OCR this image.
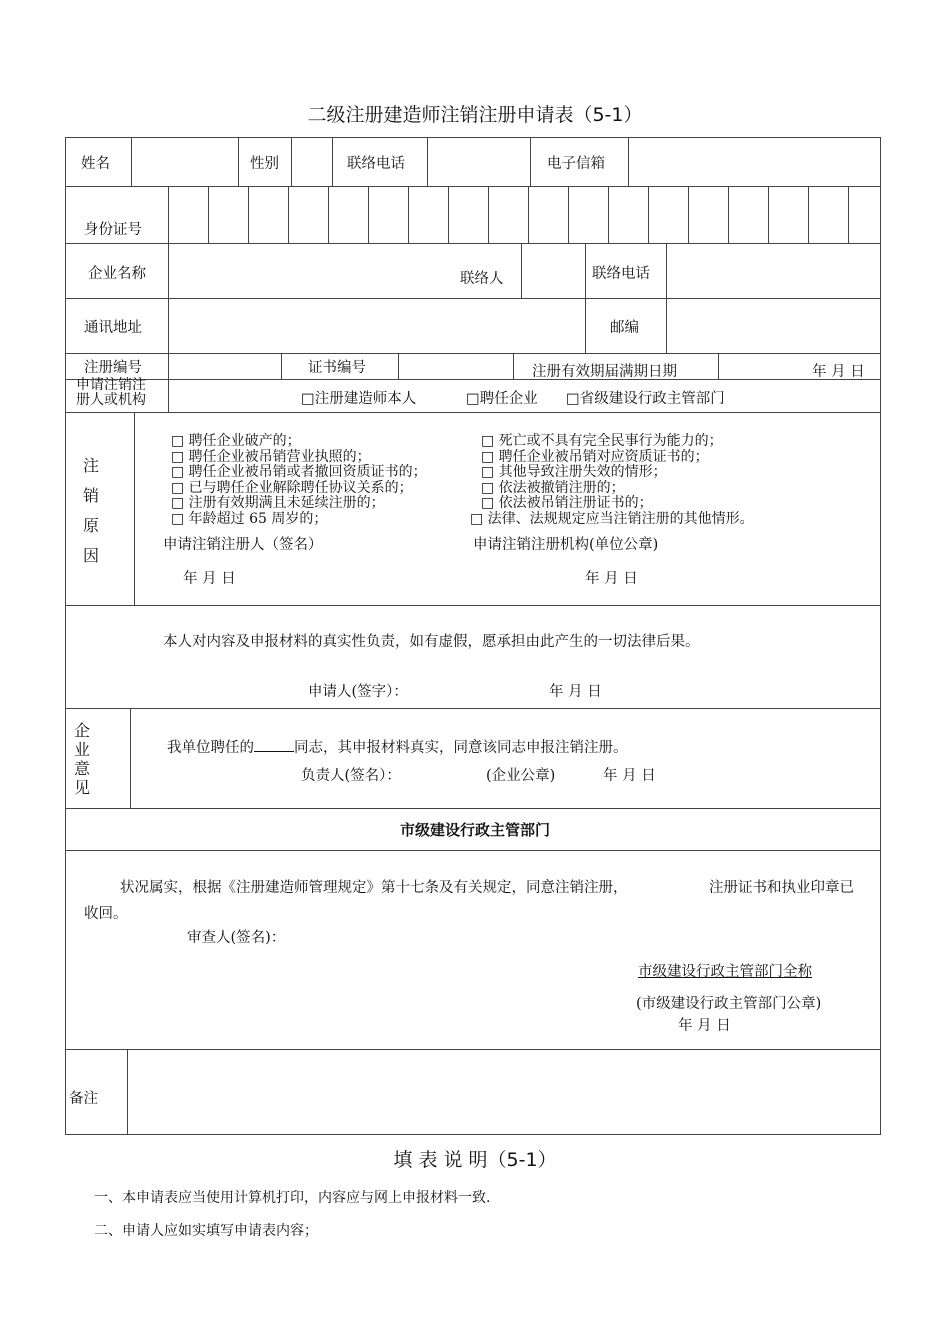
二级注册建造师注销注册申请表（5-1）
姓名	性别	联络电话	电子信箱
身份证号
企业名称	联络人	联络电话
通讯地址	邮编
注册编号	证书编号	注册有效期届满期日期	年 月 日
申请注销注
册人或机构	□注册建造师本人	□聘任企业 □省级建设行政主管部门
注
销
原
因
□ 聘任企业破产的；
□ 聘任企业被吊销营业执照的；
□ 聘任企业被吊销或者撤回资质证书的；
□ 已与聘任企业解除聘任协议关系的；
□ 注册有效期满且未延续注册的；
□ 年龄超过 65 周岁的；
□ 死亡或不具有完全民事行为能力的；
□ 聘任企业被吊销对应资质证书的；
□ 其他导致注册失效的情形；
□ 依法被撤销注册的；
□ 依法被吊销注册证书的；
□ 法律、法规规定应当注销注册的其他情形。
申请注销注册人（签名）	申请注销注册机构(单位公章)
年 月 日	年 月 日
本人对内容及申报材料的真实性负责，如有虚假，愿承担由此产生的一切法律后果。
申请人(签字）：	年 月 日
企
业
意
见
我单位聘任的	同志，其申报材料真实，同意该同志申报注销注册。
负责人(签名）：	(企业公章)	年 月 日
市级建设行政主管部门
状况属实，根据《注册建造师管理规定》第十七条及有关规定，同意注销注册，	注册证书和执业印章已
收回。
审查人(签名)：
市级建设行政主管部门全称
(市级建设行政主管部门公章)
年 月 日
备注
填 表 说 明（5-1）
一、本申请表应当使用计算机打印，内容应与网上申报材料一致.
二、申请人应如实填写申请表内容；
